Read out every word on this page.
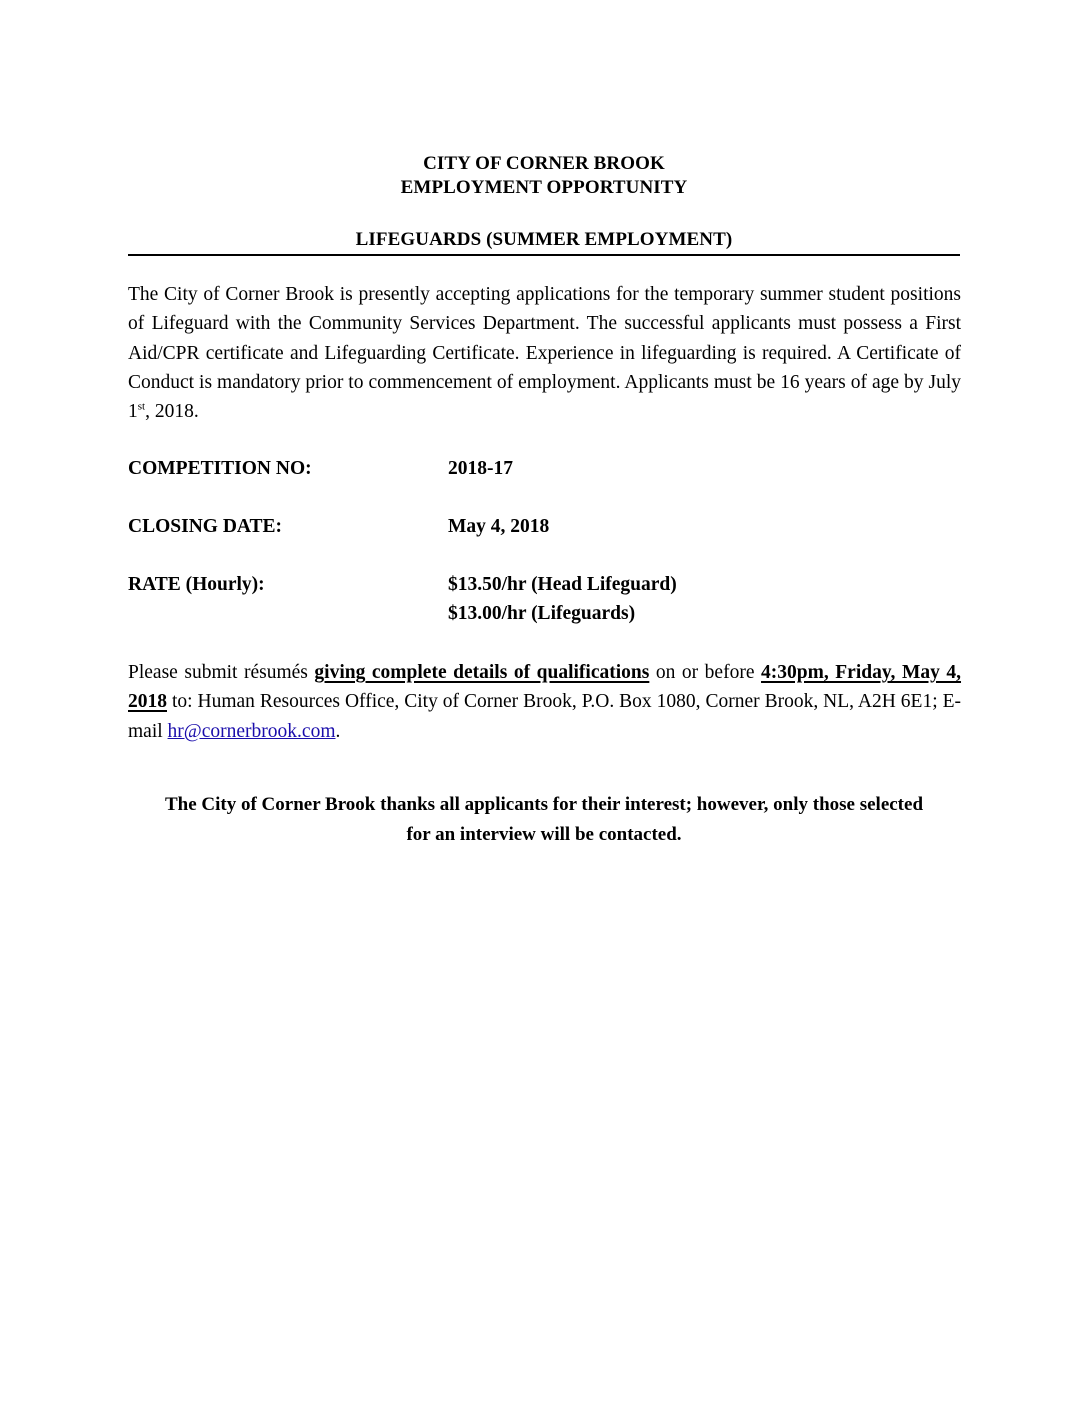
CITY OF CORNER BROOK
EMPLOYMENT OPPORTUNITY
LIFEGUARDS (SUMMER EMPLOYMENT)
The City of Corner Brook is presently accepting applications for the temporary summer student positions of Lifeguard with the Community Services Department. The successful applicants must possess a First Aid/CPR certificate and Lifeguarding Certificate. Experience in lifeguarding is required. A Certificate of Conduct is mandatory prior to commencement of employment. Applicants must be 16 years of age by July 1st, 2018.
COMPETITION NO:	2018-17
CLOSING DATE:	May 4, 2018
RATE (Hourly):	$13.50/hr (Head Lifeguard)
$13.00/hr (Lifeguards)
Please submit résumés giving complete details of qualifications on or before 4:30pm, Friday, May 4, 2018 to: Human Resources Office, City of Corner Brook, P.O. Box 1080, Corner Brook, NL, A2H 6E1; E-mail hr@cornerbrook.com.
The City of Corner Brook thanks all applicants for their interest; however, only those selected
for an interview will be contacted.
